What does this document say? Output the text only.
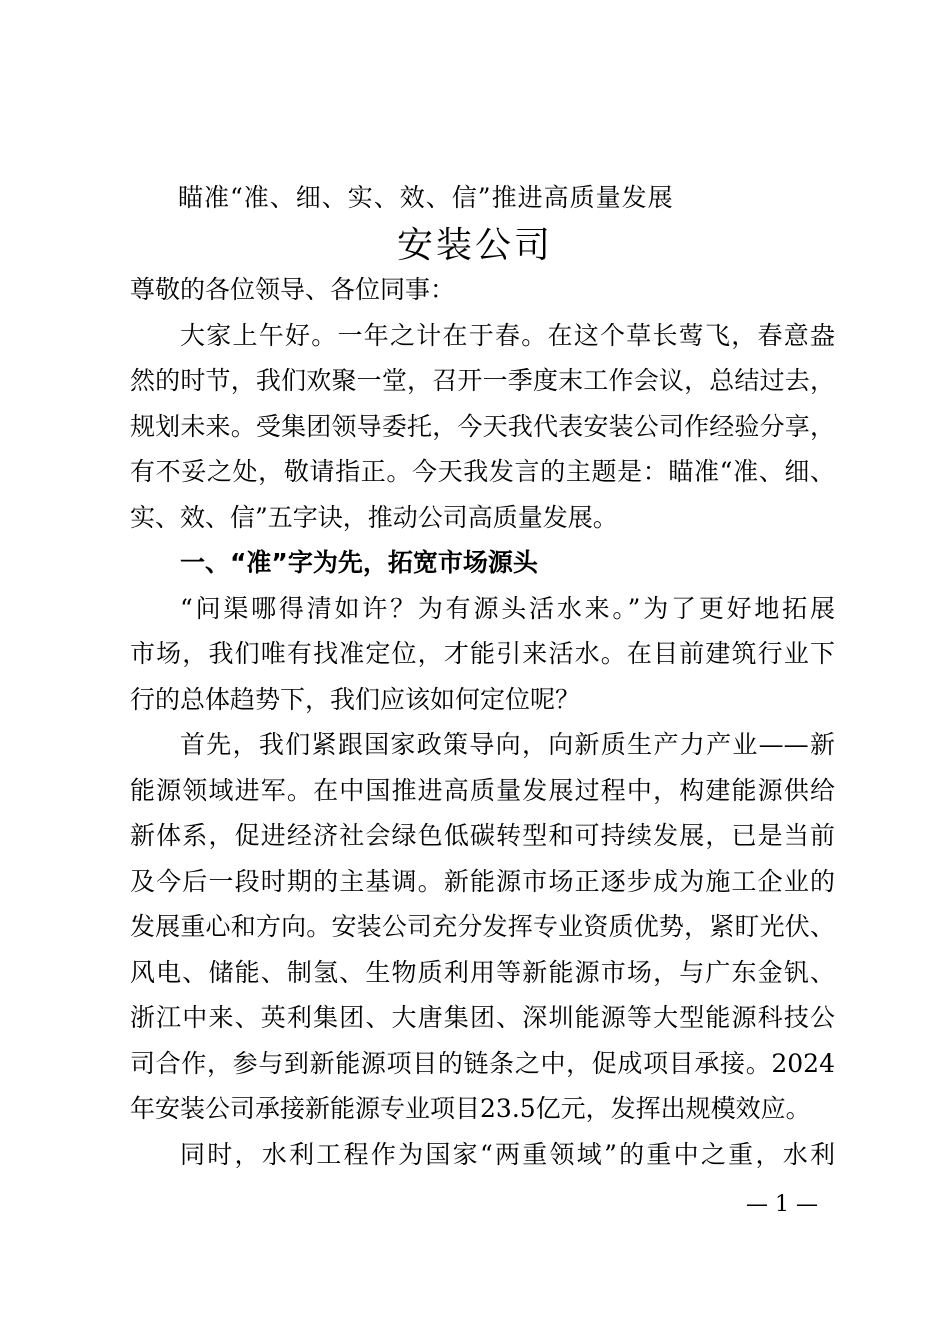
瞄准“准、细、实、效、信”推进高质量发展
安装公司
尊敬的各位领导、各位同事：
大家上午好。一年之计在于春。在这个草长莺飞，春意盎
然的时节，我们欢聚一堂，召开一季度末工作会议，总结过去，
规划未来。受集团领导委托，今天我代表安装公司作经验分享，
有不妥之处，敬请指正。今天我发言的主题是：瞄准“准、细、
实、效、信”五字诀，推动公司高质量发展。
一、“准”字为先，拓宽市场源头
“问渠哪得清如许？为有源头活水来。”为了更好地拓展
市场，我们唯有找准定位，才能引来活水。在目前建筑行业下
行的总体趋势下，我们应该如何定位呢？
首先，我们紧跟国家政策导向，向新质生产力产业——新
能源领域进军。在中国推进高质量发展过程中，构建能源供给
新体系，促进经济社会绿色低碳转型和可持续发展，已是当前
及今后一段时期的主基调。新能源市场正逐步成为施工企业的
发展重心和方向。安装公司充分发挥专业资质优势，紧盯光伏、
风电、储能、制氢、生物质利用等新能源市场，与广东金钒、
浙江中来、英利集团、大唐集团、深圳能源等大型能源科技公
司合作，参与到新能源项目的链条之中，促成项目承接。2024
年安装公司承接新能源专业项目23.5亿元，发挥出规模效应。
同时，水利工程作为国家“两重领域”的重中之重，水利
— 1 —
